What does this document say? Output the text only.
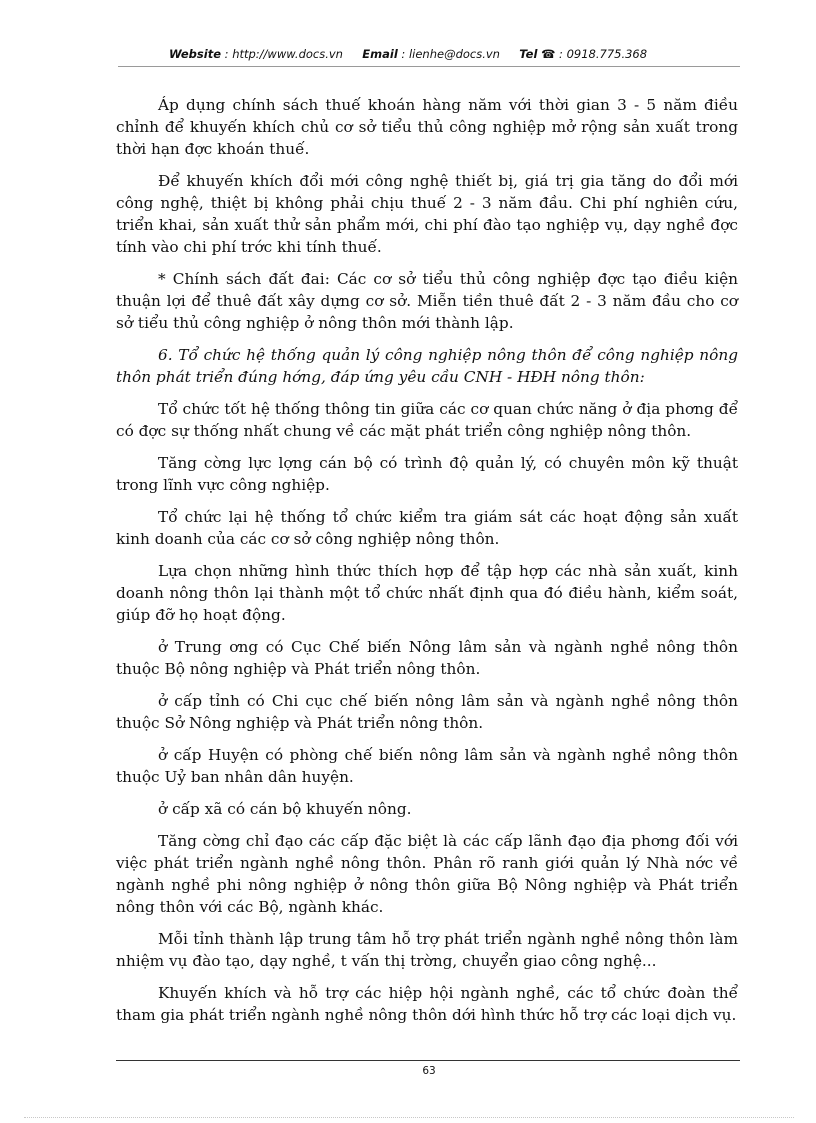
Website : http://www.docs.vn Email : lienhe@docs.vn Tel ☎ : 0918.775.368

Áp dụng chính sách thuế khoán hàng năm với thời gian 3 - 5 năm điều chỉnh để khuyến khích chủ cơ sở tiểu thủ công nghiệp mở rộng sản xuất trong thời hạn đợc khoán thuế.

Để khuyến khích đổi mới công nghệ thiết bị, giá trị gia tăng do đổi mới công nghệ, thiệt bị không phải chịu thuế 2 - 3 năm đầu. Chi phí nghiên cứu, triển khai, sản xuất thử sản phẩm mới, chi phí đào tạo nghiệp vụ, dạy nghề đợc tính vào chi phí trớc khi tính thuế.

* Chính sách đất đai: Các cơ sở tiểu thủ công nghiệp đợc tạo điều kiện thuận lợi để thuê đất xây dựng cơ sở. Miễn tiền thuê đất 2 - 3 năm đầu cho cơ sở tiểu thủ công nghiệp ở nông thôn mới thành lập.

6. Tổ chức hệ thống quản lý công nghiệp nông thôn để công nghiệp nông thôn phát triển đúng hớng, đáp ứng yêu cầu CNH - HĐH nông thôn:

Tổ chức tốt hệ thống thông tin giữa các cơ quan chức năng ở địa phơng để có đợc sự thống nhất chung về các mặt phát triển công nghiệp nông thôn.

Tăng cờng lực lợng cán bộ có trình độ quản lý, có chuyên môn kỹ thuật trong lĩnh vực công nghiệp.

Tổ chức lại hệ thống tổ chức kiểm tra giám sát các hoạt động sản xuất kinh doanh của các cơ sở công nghiệp nông thôn.

Lựa chọn những hình thức thích hợp để tập hợp các nhà sản xuất, kinh doanh nông thôn lại thành một tổ chức nhất định qua đó điều hành, kiểm soát, giúp đỡ họ hoạt động.

ở Trung ơng có Cục Chế biến Nông lâm sản và ngành nghề nông thôn thuộc Bộ nông nghiệp và Phát triển nông thôn.

ở cấp tỉnh có Chi cục chế biến nông lâm sản và ngành nghề nông thôn thuộc Sở Nông nghiệp và Phát triển nông thôn.

ở cấp Huyện có phòng chế biến nông lâm sản và ngành nghề nông thôn thuộc Uỷ ban nhân dân huyện.

ở cấp xã có cán bộ khuyến nông.

Tăng cờng chỉ đạo các cấp đặc biệt là các cấp lãnh đạo địa phơng đối với việc phát triển ngành nghề nông thôn. Phân rõ ranh giới quản lý Nhà nớc về ngành nghề phi nông nghiệp ở nông thôn giữa Bộ Nông nghiệp và Phát triển nông thôn với các Bộ, ngành khác.

Mỗi tỉnh thành lập trung tâm hỗ trợ phát triển ngành nghề nông thôn làm nhiệm vụ đào tạo, dạy nghề, t vấn thị trờng, chuyển giao công nghệ...

Khuyến khích và hỗ trợ các hiệp hội ngành nghề, các tổ chức đoàn thể tham gia phát triển ngành nghề nông thôn dới hình thức hỗ trợ các loại dịch vụ.

63
